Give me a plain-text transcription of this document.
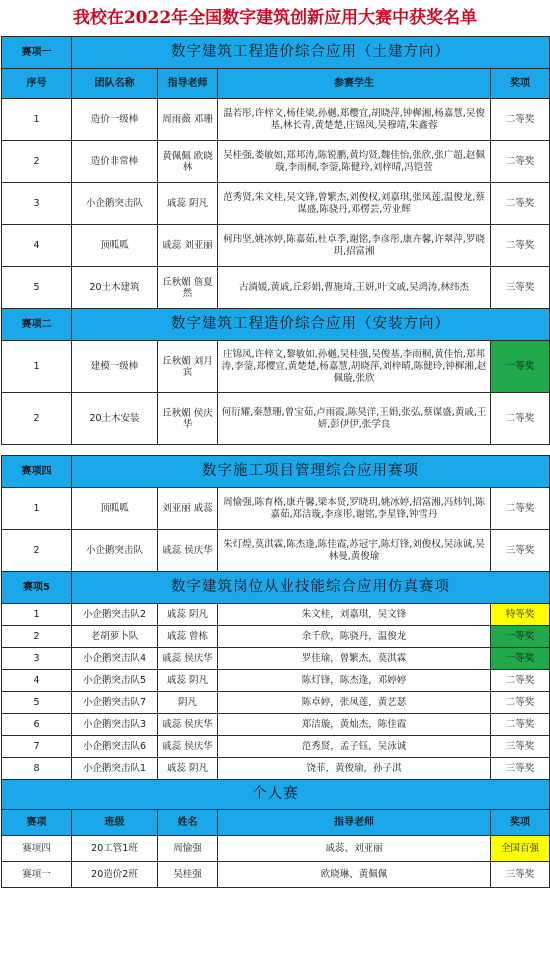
我校在2022年全国数字建筑创新应用大赛中获奖名单
赛项一	数字建筑工程造价综合应用（土建方向）			
序号	团队名称	指导老师	参赛学生	奖项
1	造价一级棒	周雨薇 邓珊	温若彤,许梓文,杨佳梁,孙樾,郑樱宜,胡晓萍,钟樨湘,杨嘉慧,吴俊基,林长青,黄楚楚,庄锦凤,吴穆靖,朱鑫蓉	二等奖
2	造价非常棒	黄佩佩 欧晓林	吴桂强,娄敏如,郑邦涛,陈锐鹏,黄均贤,魏佳怡,张欣,张广超,赵佩璇,李雨桐,李蓥,陈健玲,刘梓晴,冯铠萱	二等奖
3	小企鹅突击队	戚蕊 阴凡	范秀贤,朱文桂,吴文锋,曾繁杰,刘俊权,刘嘉琪,张凤莲,温俊龙,蔡谋盛,陈骁丹,邓楞芸,劳业辉	二等奖
4	顶呱呱	戚蕊 刘亚丽	柯玮坚,姚冰婷,陈嘉茹,杜卓季,谢铭,李彦彤,康卉馨,许翠萍,罗晓玥,招富湘	二等奖
5	20土木建筑	丘秋媚 詹夏然	古淌媛,黄戚,丘彩娟,曹施琦,王妍,叶文戚,吴鸿涛,林纬杰	三等奖
赛项二	数字建筑工程造价综合应用（安装方向）			
1	建模一级棒	丘秋媚 刘月宾	庄锦凤,许梓文,黎敏如,孙樾,吴桂强,吴俊基,李雨桐,黄佳怡,郑邦涛,李蓥,郑樱宜,黄楚楚,杨嘉慧,胡晓萍,刘梓晴,陈健玲,钟樨湘,赵佩璇,张欣	一等奖
2	20土木安装	丘秋媚 侯庆华	何衍耀,秦慧珊,曾宝茹,卢雨霞,陈昊洋,王娟,张弘,蔡谋盛,黄戚,王妍,彭伊伊,张学良	二等奖

赛项四	数字施工项目管理综合应用赛项			
1	顶呱呱	刘亚丽 戚蕊	周愉强,陈育格,康卉馨,梁本贤,罗晓玥,姚冰婷,招富湘,冯炜钊,陈嘉茹,郑洁璇,李彦彤,谢铭,李星锋,钟雪丹	二等奖
2	小企鹅突击队	戚蕊 侯庆华	朱灯煌,莫淇霖,陈杰逢,陈佳霞,苏冠宇,陈灯锋,刘俊权,吴泳诚,吴林曼,黄俊瑜	三等奖
赛项5	数字建筑岗位从业技能综合应用仿真赛项			
1	小企鹅突击队2	戚蕊 阴凡	朱文桂，刘嘉琪，吴文锋	特等奖
2	老胡萝卜队	戚蕊 曾栋	余千欣，陈骁丹，温俊龙	一等奖
3	小企鹅突击队4	戚蕊 侯庆华	罗佳瑜，曾繁杰，莫淇霖	一等奖
4	小企鹅突击队5	戚蕊 阴凡	陈灯锋，陈杰逢，邓婷婷	二等奖
5	小企鹅突击队7	阴凡	陈卓婷，张凤莲，黄艺瑟	二等奖
6	小企鹅突击队3	戚蕊 侯庆华	郑洁璇，黄灿杰，陈佳霞	二等奖
7	小企鹅突击队6	戚蕊 侯庆华	范秀贤，孟子钰，吴泳诚	三等奖
8	小企鹅突击队1	戚蕊 阴凡	饶菲，黄俊瑜，孙子淇	三等奖
个人赛				
赛项	班级	姓名	指导老师	奖项
赛项四	20工管1班	周愉强	戚蕊、刘亚丽	全国百强
赛项一	20造价2班	吴桂强	欧晓琳、黄佩佩	三等奖
